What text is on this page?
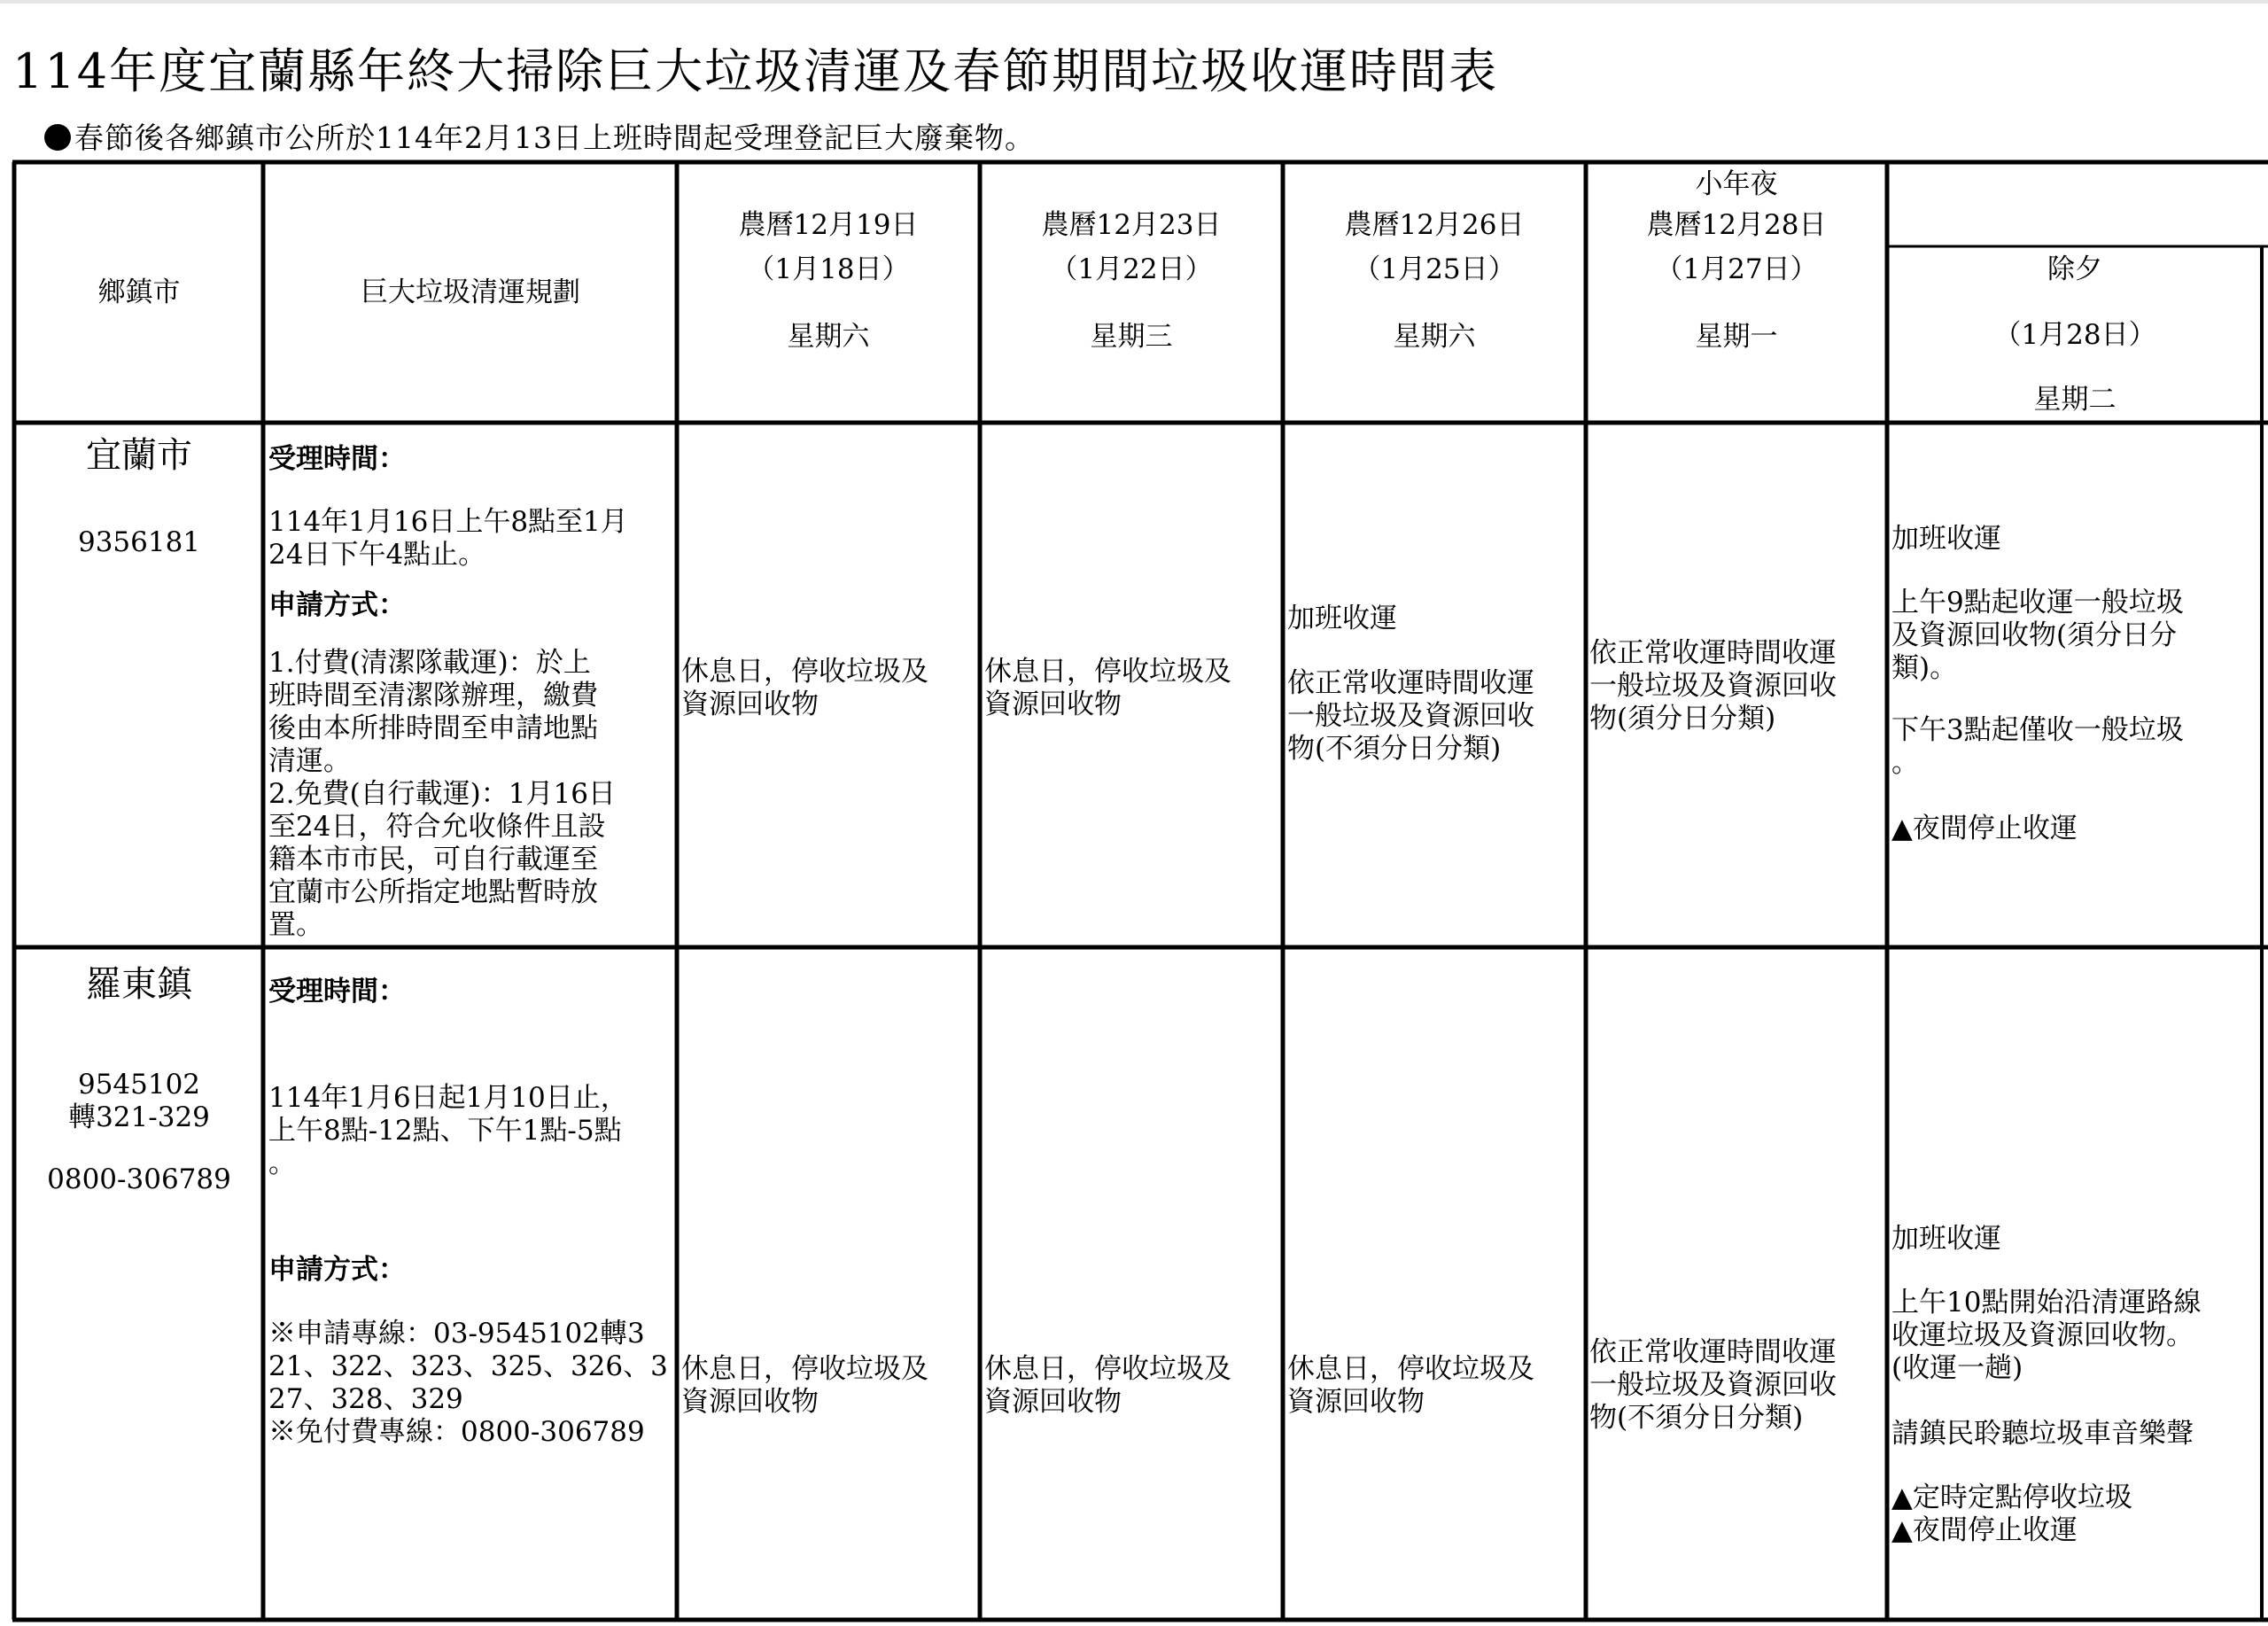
114年度宜蘭縣年終大掃除巨大垃圾清運及春節期間垃圾收運時間表
春節後各鄉鎮市公所於114年2月13日上班時間起受理登記巨大廢棄物。
鄉鎮市	巨大垃圾清運規劃
農曆12月19日
（1月18日）
星期六
農曆12月23日
（1月22日）
星期三
農曆12月26日
（1月25日）
星期六
小年夜
農曆12月28日
（1月27日）
星期一
除夕
（1月28日）
星期二
宜蘭市
9356181
受理時間：
114年1月16日上午8點至1月
24日下午4點止。
申請方式：
1.付費(清潔隊載運)：於上
班時間至清潔隊辦理，繳費
後由本所排時間至申請地點
清運。
2.免費(自行載運)：1月16日
至24日，符合允收條件且設
籍本市市民，可自行載運至
宜蘭市公所指定地點暫時放
置。
休息日，停收垃圾及
資源回收物
休息日，停收垃圾及
資源回收物
加班收運
依正常收運時間收運
一般垃圾及資源回收
物(不須分日分類)
依正常收運時間收運
一般垃圾及資源回收
物(須分日分類)
加班收運
上午9點起收運一般垃圾
及資源回收物(須分日分
類)。
下午3點起僅收一般垃圾
。
▲夜間停止收運
羅東鎮
9545102
轉321-329
0800-306789
受理時間：
114年1月6日起1月10日止，
上午8點-12點、下午1點-5點
。
申請方式：
※申請專線：03-9545102轉3
21、322、323、325、326、3
27、328、329
※免付費專線：0800-306789
休息日，停收垃圾及
資源回收物
休息日，停收垃圾及
資源回收物
休息日，停收垃圾及
資源回收物
依正常收運時間收運
一般垃圾及資源回收
物(不須分日分類)
加班收運
上午10點開始沿清運路線
收運垃圾及資源回收物。
(收運一趟)
請鎮民聆聽垃圾車音樂聲
▲定時定點停收垃圾
▲夜間停止收運
